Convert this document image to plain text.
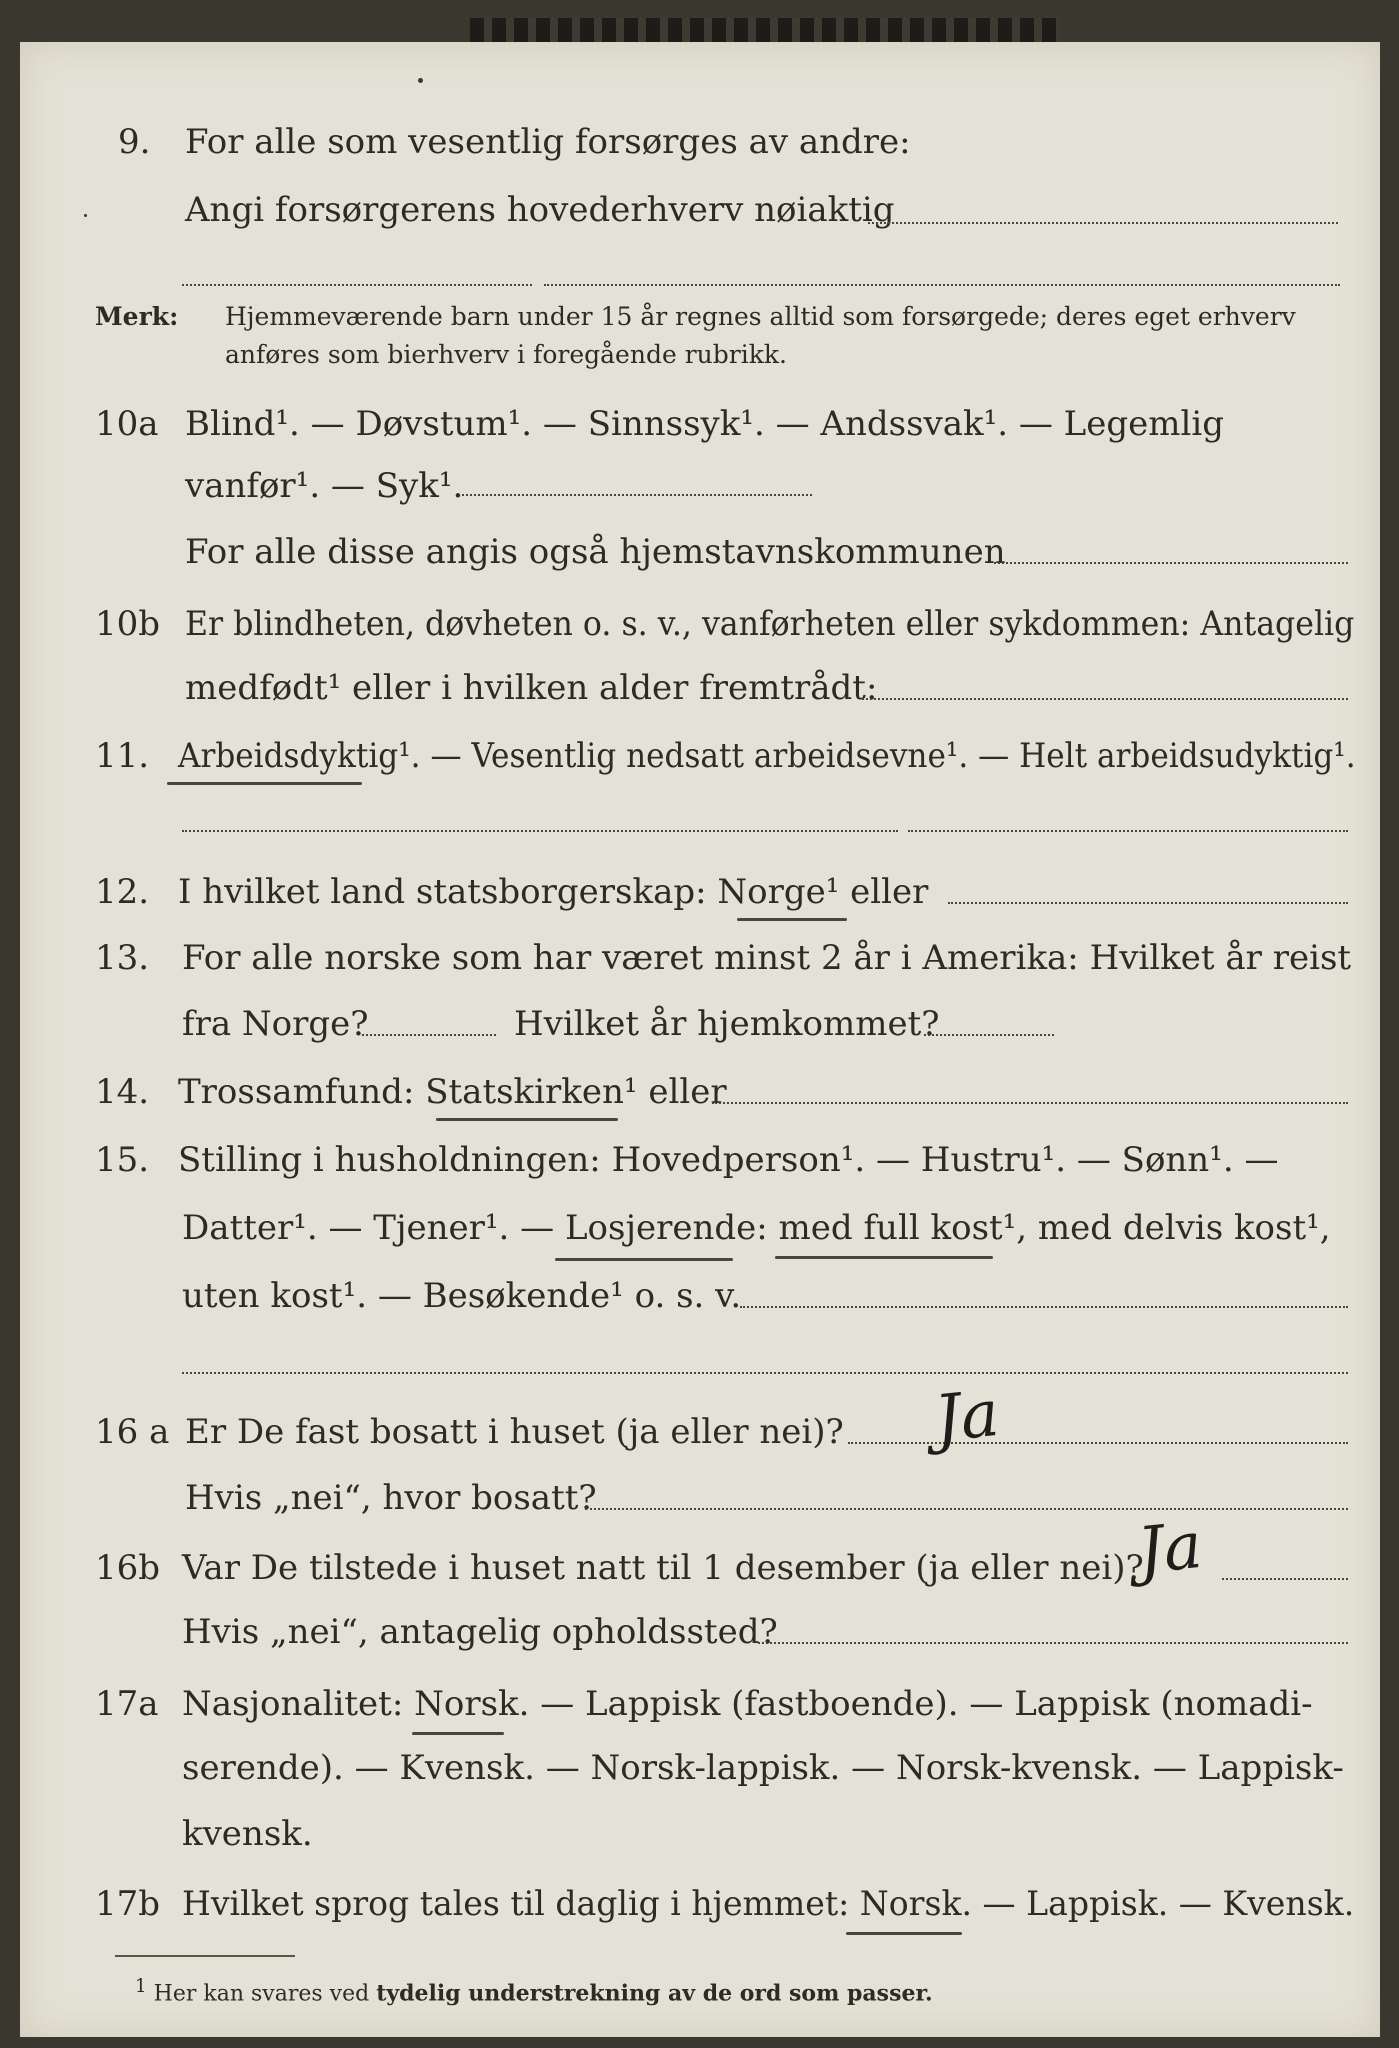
9. For alle som vesentlig forsørges av andre:
Angi forsørgerens hovederhverv nøiaktig
Merk: Hjemmeværende barn under 15 år regnes alltid som forsørgede; deres eget erhverv
anføres som bierhverv i foregående rubrikk.
10a Blind¹. — Døvstum¹. — Sinnssyk¹. — Andssvak¹. — Legemlig
vanfør¹. — Syk¹.
For alle disse angis også hjemstavnskommunen
10b Er blindheten, døvheten o. s. v., vanførheten eller sykdommen: Antagelig
medfødt¹ eller i hvilken alder fremtrådt:
11. Arbeidsdyktig¹. — Vesentlig nedsatt arbeidsevne¹. — Helt arbeidsudyktig¹.
12. I hvilket land statsborgerskap: Norge¹ eller
13. For alle norske som har været minst 2 år i Amerika: Hvilket år reist
fra Norge?	Hvilket år hjemkommet?
14. Trossamfund: Statskirken¹ eller
15. Stilling i husholdningen: Hovedperson¹. — Hustru¹. — Sønn¹. —
Datter¹. — Tjener¹. — Losjerende: med full kost¹, med delvis kost¹,
uten kost¹. — Besøkende¹ o. s. v.
16 a Er De fast bosatt i huset (ja eller nei)? Ja
Hvis „nei“, hvor bosatt?
16b Var De tilstede i huset natt til 1 desember (ja eller nei)?
Ja
Hvis „nei“, antagelig opholdssted?
17a Nasjonalitet: Norsk. — Lappisk (fastboende). — Lappisk (nomadi-
serende). — Kvensk. — Norsk-lappisk. — Norsk-kvensk. — Lappisk-
kvensk.
17b Hvilket sprog tales til daglig i hjemmet: Norsk. — Lappisk. — Kvensk.
$^1$ Her kan svares ved tydelig understrekning av de ord som passer.
